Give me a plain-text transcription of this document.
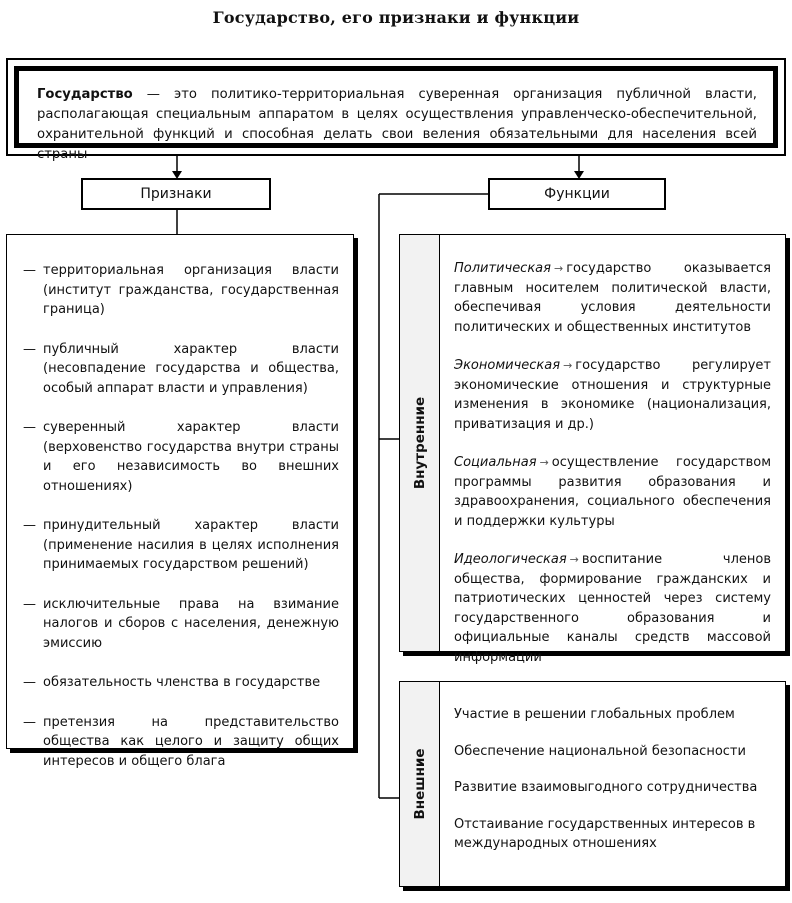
Государство, его признаки и функции
Государство — это политико-территориальная суверенная организация публичной власти, располагающая специальным аппаратом в целях осуществления управленческо-обеспечительной, охранительной функций и способная делать свои веления обязательными для населения всей страны
Признаки	Функции
— территориальная организация власти (институт гражданства, государственная граница)
— публичный характер власти (несовпадение государства и общества, особый аппарат власти и управления)
— суверенный характер власти (верховенство государства внутри страны и его независимость во внешних отношениях)
— принудительный характер власти (применение насилия в целях исполнения принимаемых государством решений)
— исключительные права на взимание налогов и сборов с населения, денежную эмиссию
— обязательность членства в государстве
— претензия на представительство общества как целого и защиту общих интересов и общего блага
Внутренние
Политическая → государство оказывается главным носителем политической власти, обеспечивая условия деятельности политических и общественных институтов
Экономическая → государство регулирует экономические отношения и структурные изменения в экономике (национализация, приватизация и др.)
Социальная → осуществление государством программы развития образования и здравоохранения, социального обеспечения и поддержки культуры
Идеологическая → воспитание членов общества, формирование гражданских и патриотических ценностей через систему государственного образования и официальные каналы средств массовой информации
Внешние
Участие в решении глобальных проблем
Обеспечение национальной безопасности
Развитие взаимовыгодного сотрудничества
Отстаивание государственных интересов в международных отношениях
